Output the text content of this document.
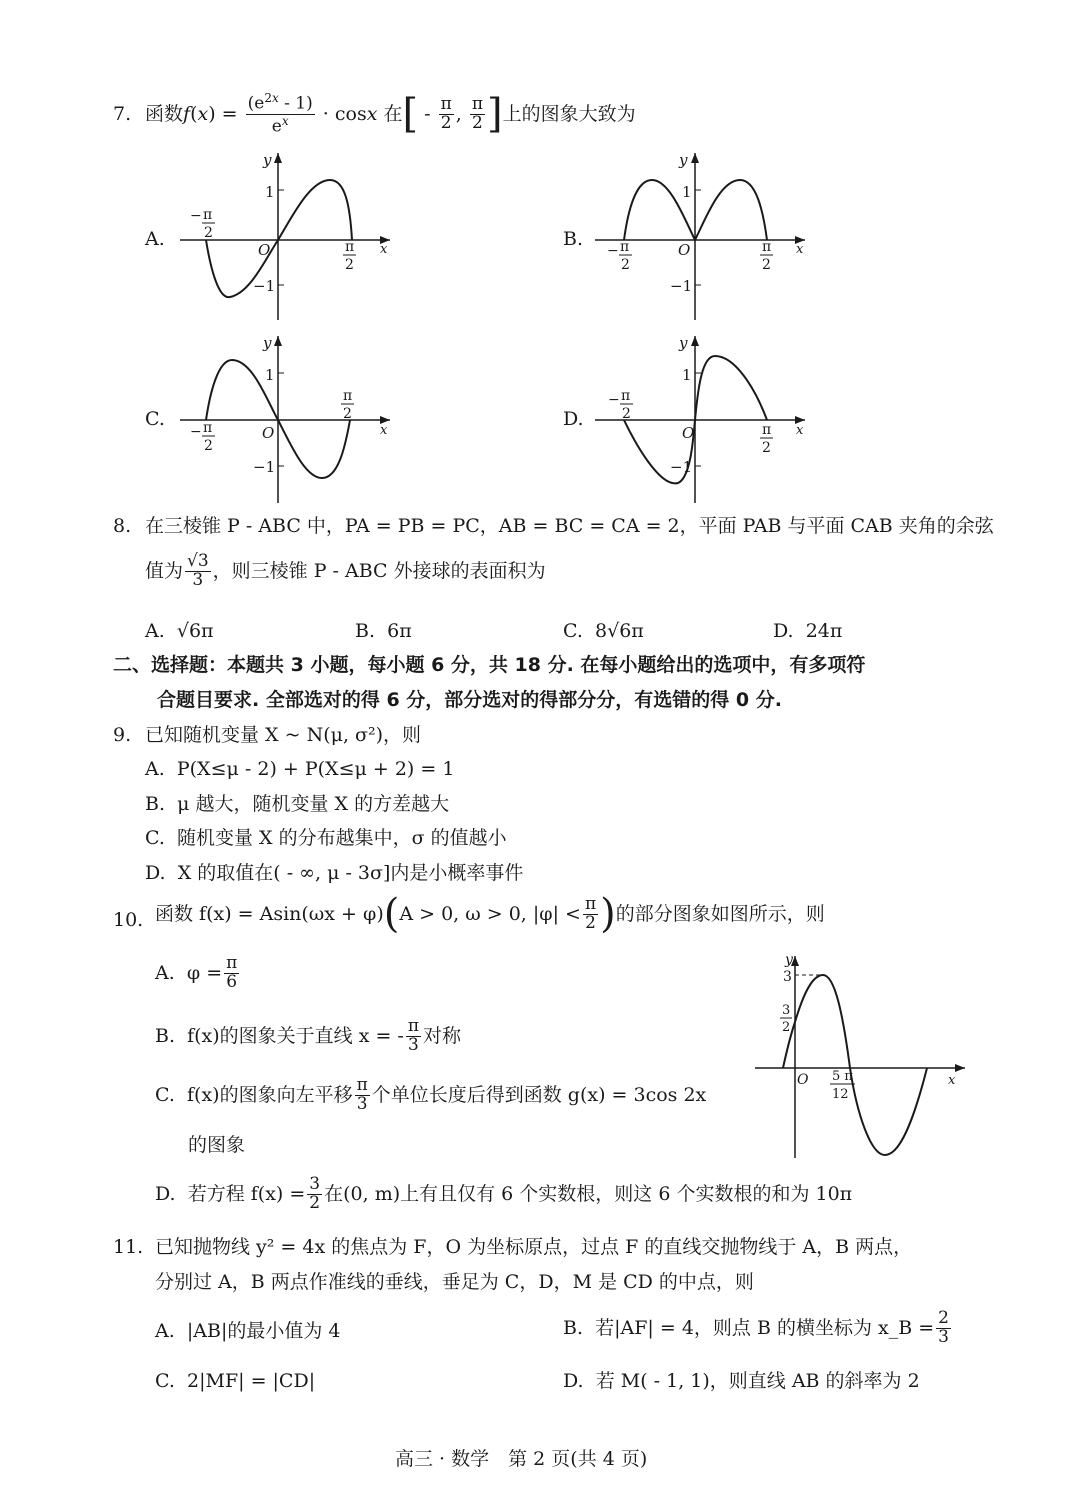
7. 函数 f ( x ) = $\frac{(e^{2x} - 1)}{e^x} \cdot \cos x$ 在 [ - $\frac{\pi}{2}$ , $\frac{\pi}{2}$ ] 上的图象大致为
A.	B.
C.	D.
y
1
−1
O	x
− π
2
π
2
y
1
−1
O	x
− π
2
π
2
y
1
−1
O	x
− π
2
π
2
y
1
−1
O	x
− π
2
π
2
8. 在三棱锥 P - ABC 中，PA = PB = PC，AB = BC = CA = 2，平面 PAB 与平面 CAB 夹角的余弦
值为 $\frac{√3}{3}$ ，则三棱锥 P - ABC 外接球的表面积为
A. √6π	B. 6π	C. 8√6π	D. 24π
二、选择题：本题共 3 小题，每小题 6 分，共 18 分. 在每小题给出的选项中，有多项符
合题目要求. 全部选对的得 6 分，部分选对的得部分分，有选错的得 0 分.
9. 已知随机变量 X ~ N(μ, σ²)，则
A. P(X≤μ - 2) + P(X≤μ + 2) = 1
B. μ 越大，随机变量 X 的方差越大
C. 随机变量 X 的分布越集中，σ 的值越小
D. X 的取值在( - ∞, μ - 3σ]内是小概率事件
10. 函数 f(x) = Asin(ωx + φ) ( A > 0, ω > 0, $|\varphi| < \frac{\pi}{2}$ ) 的部分图象如图所示，则
A.
$\varphi = \frac{\pi}{6}$
B.
f(x)的图象关于直线 x = - $\frac{\pi}{3}$ 对称
C.
f(x)的图象向左平移 $\frac{\pi}{3}$ 个单位长度后得到函数 g(x) = 3cos 2x
的图象
D.
若方程 $f(x) = \frac{3}{2}$ 在(0, m)上有且仅有 6 个实数根，则这 6 个实数根的和为 10π
y
3
3
2
O	x
5 π
12
11. 已知抛物线 y² = 4x 的焦点为 F，O 为坐标原点，过点 F 的直线交抛物线于 A，B 两点，
分别过 A，B 两点作准线的垂线，垂足为 C，D，M 是 CD 的中点，则
A. |AB|的最小值为 4	B.
若|AF| = 4，则点 B 的横坐标为 x_B = $\frac{2}{3}$
C. 2|MF| = |CD|	D. 若 M( - 1, 1)，则直线 AB 的斜率为 2
高三 · 数学　第 2 页(共 4 页)
